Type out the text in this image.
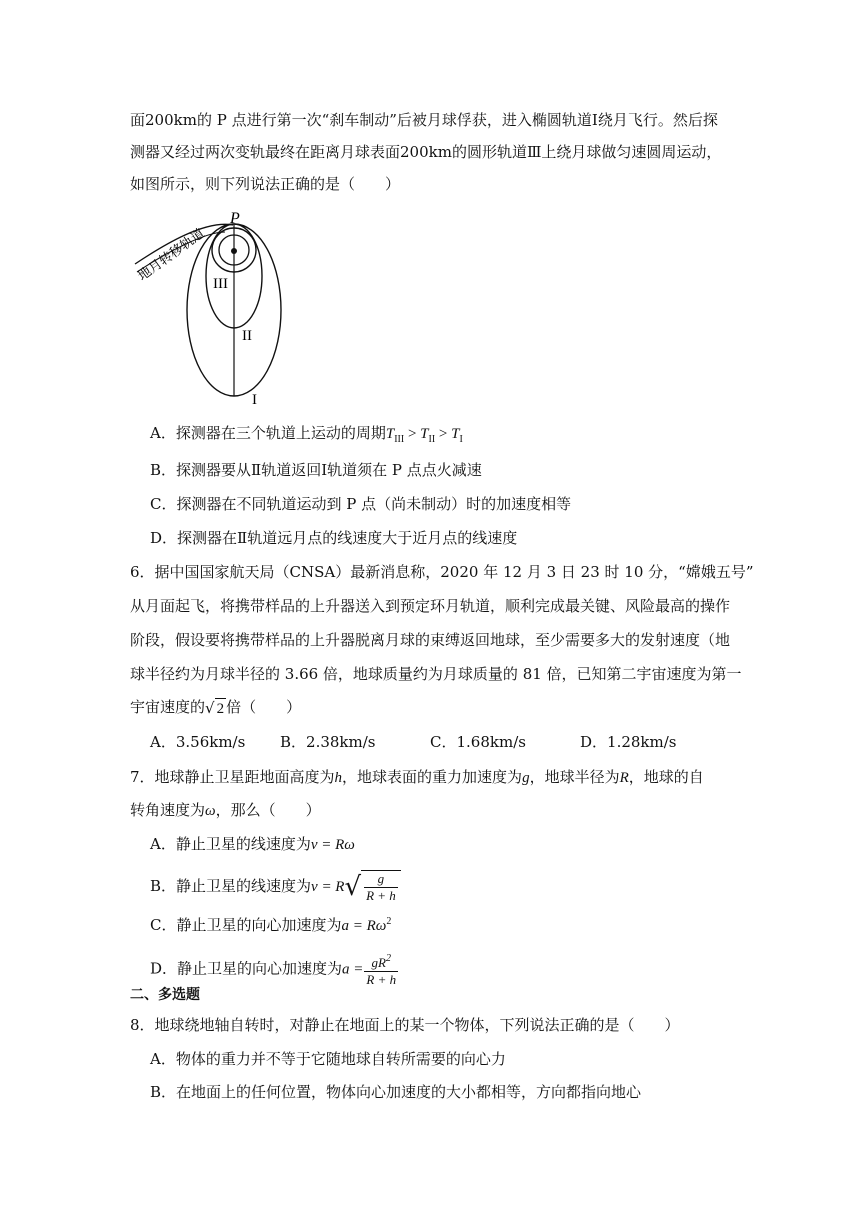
面200km的 P 点进行第一次“刹车制动”后被月球俘获，进入椭圆轨道Ⅰ绕月飞行。然后探
测器又经过两次变轨最终在距离月球表面200km的圆形轨道Ⅲ上绕月球做匀速圆周运动，
如图所示，则下列说法正确的是（　　）
地月转移轨道
P
III
II
I
A．探测器在三个轨道上运动的周期$T_{III} > T_{II} > T_I$
B．探测器要从Ⅱ轨道返回Ⅰ轨道须在 P 点点火减速
C．探测器在不同轨道运动到 P 点（尚未制动）时的加速度相等
D．探测器在Ⅱ轨道远月点的线速度大于近月点的线速度
6．据中国国家航天局（CNSA）最新消息称，2020 年 12 月 3 日 23 时 10 分，“嫦娥五号”
从月面起飞，将携带样品的上升器送入到预定环月轨道，顺利完成最关键、风险最高的操作
阶段，假设要将携带样品的上升器脱离月球的束缚返回地球，至少需要多大的发射速度（地
球半径约为月球半径的 3.66 倍，地球质量约为月球质量的 81 倍，已知第二宇宙速度为第一
宇宙速度的 √ 2 倍（　　）
A．3.56km/s B．2.38km/s	C．1.68km/s	D．1.28km/s
7．地球静止卫星距地面高度为h，地球表面的重力加速度为g，地球半径为R，地球的自
转角速度为ω，那么（　　）
A．静止卫星的线速度为v = Rω
B．静止卫星的线速度为v = R √ $\frac{g}{R + h}$
C．静止卫星的向心加速度为$a = R\omega^2$
D．静止卫星的向心加速度为$a = \frac{gR^2}{R + h}$
二、多选题
8．地球绕地轴自转时，对静止在地面上的某一个物体，下列说法正确的是（　　）
A．物体的重力并不等于它随地球自转所需要的向心力
B．在地面上的任何位置，物体向心加速度的大小都相等，方向都指向地心
